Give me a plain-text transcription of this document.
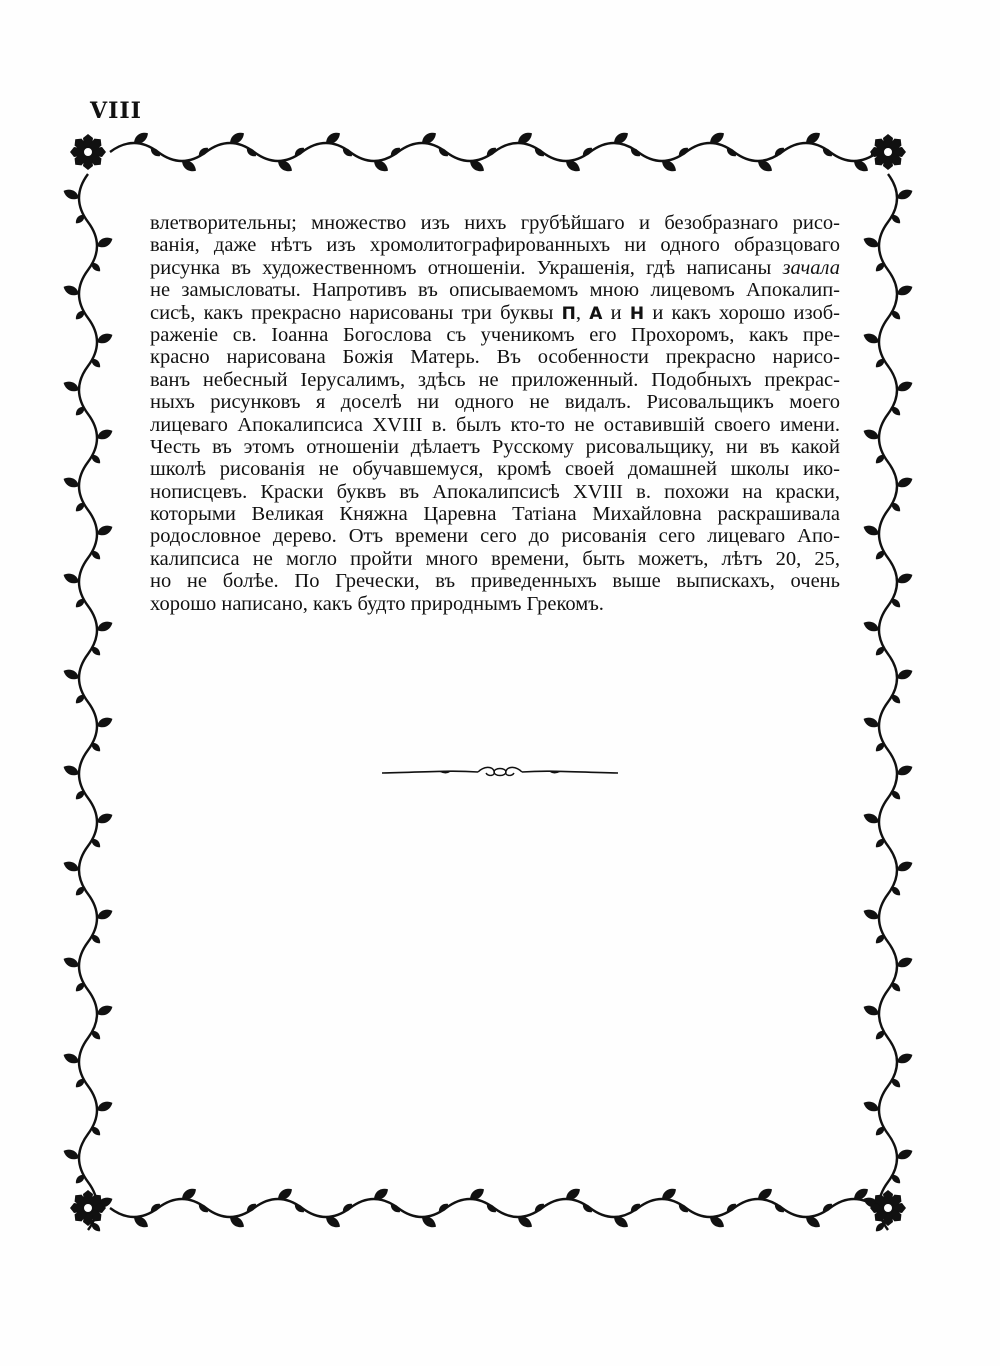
VIII
влетворительны; множество изъ нихъ грубѣйшаго и безобразнаго рисо-
ванія, даже нѣтъ изъ хромолитографированныхъ ни одного образцоваго
рисунка въ художественномъ отношеніи. Украшенія, гдѣ написаны зачала
не замысловаты. Напротивъ въ описываемомъ мною лицевомъ Апокалип-
сисѣ, какъ прекрасно нарисованы три буквы П, А и Н и какъ хорошо изоб-
раженіе св. Іоанна Богослова съ ученикомъ его Прохоромъ, какъ пре-
красно нарисована Божія Матерь. Въ особенности прекрасно нарисо-
ванъ небесный Іерусалимъ, здѣсь не приложенный. Подобныхъ прекрас-
ныхъ рисунковъ я доселѣ ни одного не видалъ. Рисовальщикъ моего
лицеваго Апокалипсиса XVIII в. былъ кто-то не оставившій своего имени.
Честь въ этомъ отношеніи дѣлаетъ Русскому рисовальщику, ни въ какой
школѣ рисованія не обучавшемуся, кромѣ своей домашней школы ико-
нописцевъ. Краски буквъ въ Апокалипсисѣ XVIII в. похожи на краски,
которыми Великая Княжна Царевна Татіана Михайловна раскрашивала
родословное дерево. Отъ времени сего до рисованія сего лицеваго Апо-
калипсиса не могло пройти много времени, быть можетъ, лѣтъ 20, 25,
но не болѣе. По Гречески, въ приведенныхъ выше выпискахъ, очень
хорошо написано, какъ будто природнымъ Грекомъ.
